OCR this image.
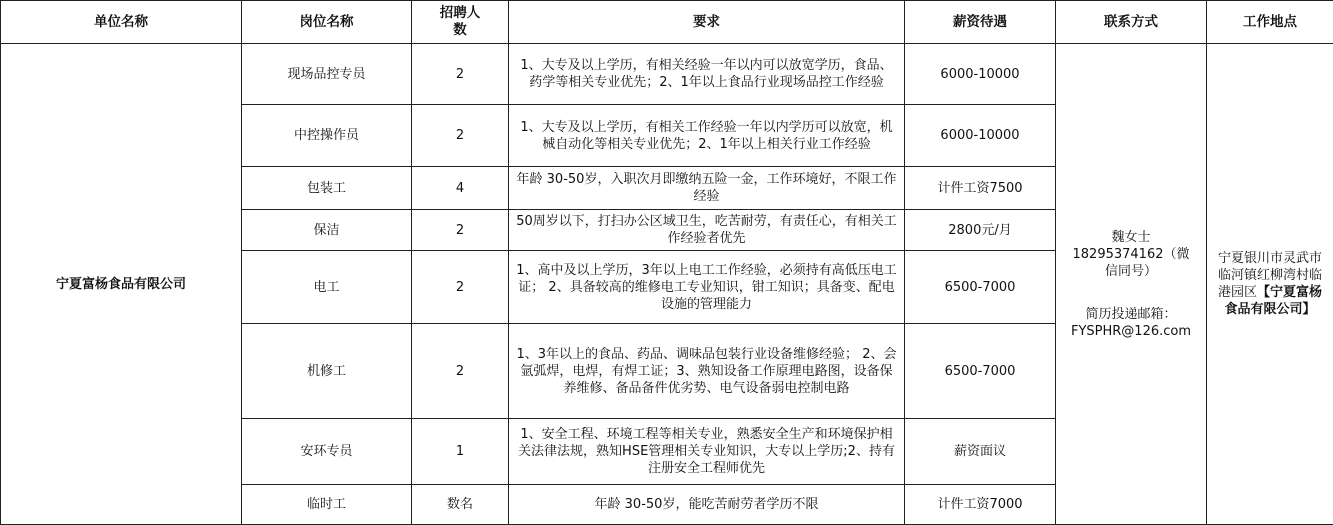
单位名称	岗位名称	招聘人数	要求	薪资待遇	联系方式	工作地点
宁夏富杨食品有限公司	现场品控专员	2	1、大专及以上学历，有相关经验一年以内可以放宽学历，食品、药学等相关专业优先；2、1年以上食品行业现场品控工作经验	6000-10000	魏女士
18295374162（微信同号）
简历投递邮箱：
FYSPHR@126.com	宁夏银川市灵武市临河镇红柳湾村临港园区【宁夏富杨食品有限公司】
	中控操作员	2	1、大专及以上学历，有相关工作经验一年以内学历可以放宽，机械自动化等相关专业优先；2、1年以上相关行业工作经验	6000-10000		
	包装工	4	年龄 30-50岁，入职次月即缴纳五险一金，工作环境好，不限工作经验	计件工资7500		
	保洁	2	50周岁以下，打扫办公区域卫生，吃苦耐劳，有责任心，有相关工作经验者优先	2800元/月		
	电工	2	1、高中及以上学历，3年以上电工工作经验，必须持有高低压电工证； 2、具备较高的维修电工专业知识，钳工知识；具备变、配电设施的管理能力	6500-7000		
	机修工	2	1、3年以上的食品、药品、调味品包装行业设备维修经验； 2、会氩弧焊，电焊，有焊工证；3、熟知设备工作原理电路图，设备保养维修、备品备件优劣势、电气设备弱电控制电路	6500-7000		
	安环专员	1	1、安全工程、环境工程等相关专业，熟悉安全生产和环境保护相关法律法规，熟知HSE管理相关专业知识，大专以上学历;2、持有注册安全工程师优先	薪资面议		
	临时工	数名	年龄 30-50岁，能吃苦耐劳者学历不限	计件工资7000		
